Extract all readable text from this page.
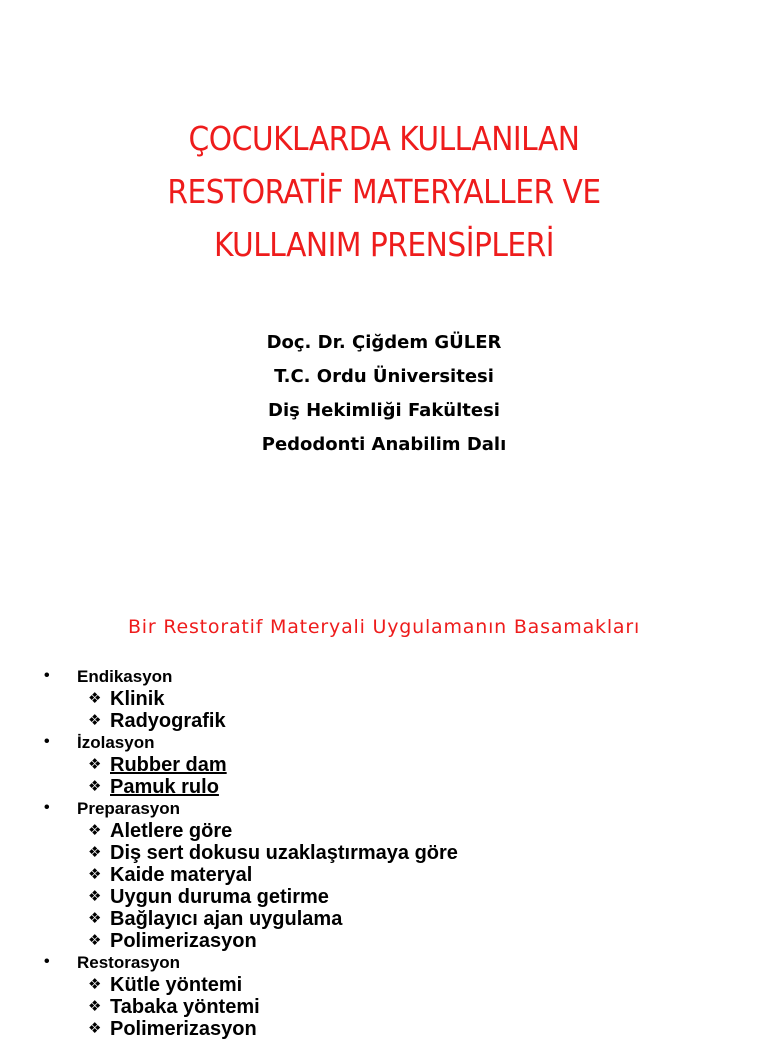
ÇOCUKLARDA KULLANILAN
RESTORATİF MATERYALLER VE
KULLANIM PRENSİPLERİ
Doç. Dr. Çiğdem GÜLER
T.C. Ordu Üniversitesi
Diş Hekimliği Fakültesi
Pedodonti Anabilim Dalı
Bir Restoratif Materyali Uygulamanın Basamakları
• Endikasyon
❖ Klinik
❖ Radyografik
• İzolasyon
❖ Rubber dam
❖ Pamuk rulo
• Preparasyon
❖ Aletlere göre
❖ Diş sert dokusu uzaklaştırmaya göre
❖ Kaide materyal
❖ Uygun duruma getirme
❖ Bağlayıcı ajan uygulama
❖ Polimerizasyon
• Restorasyon
❖ Kütle yöntemi
❖ Tabaka yöntemi
❖ Polimerizasyon
